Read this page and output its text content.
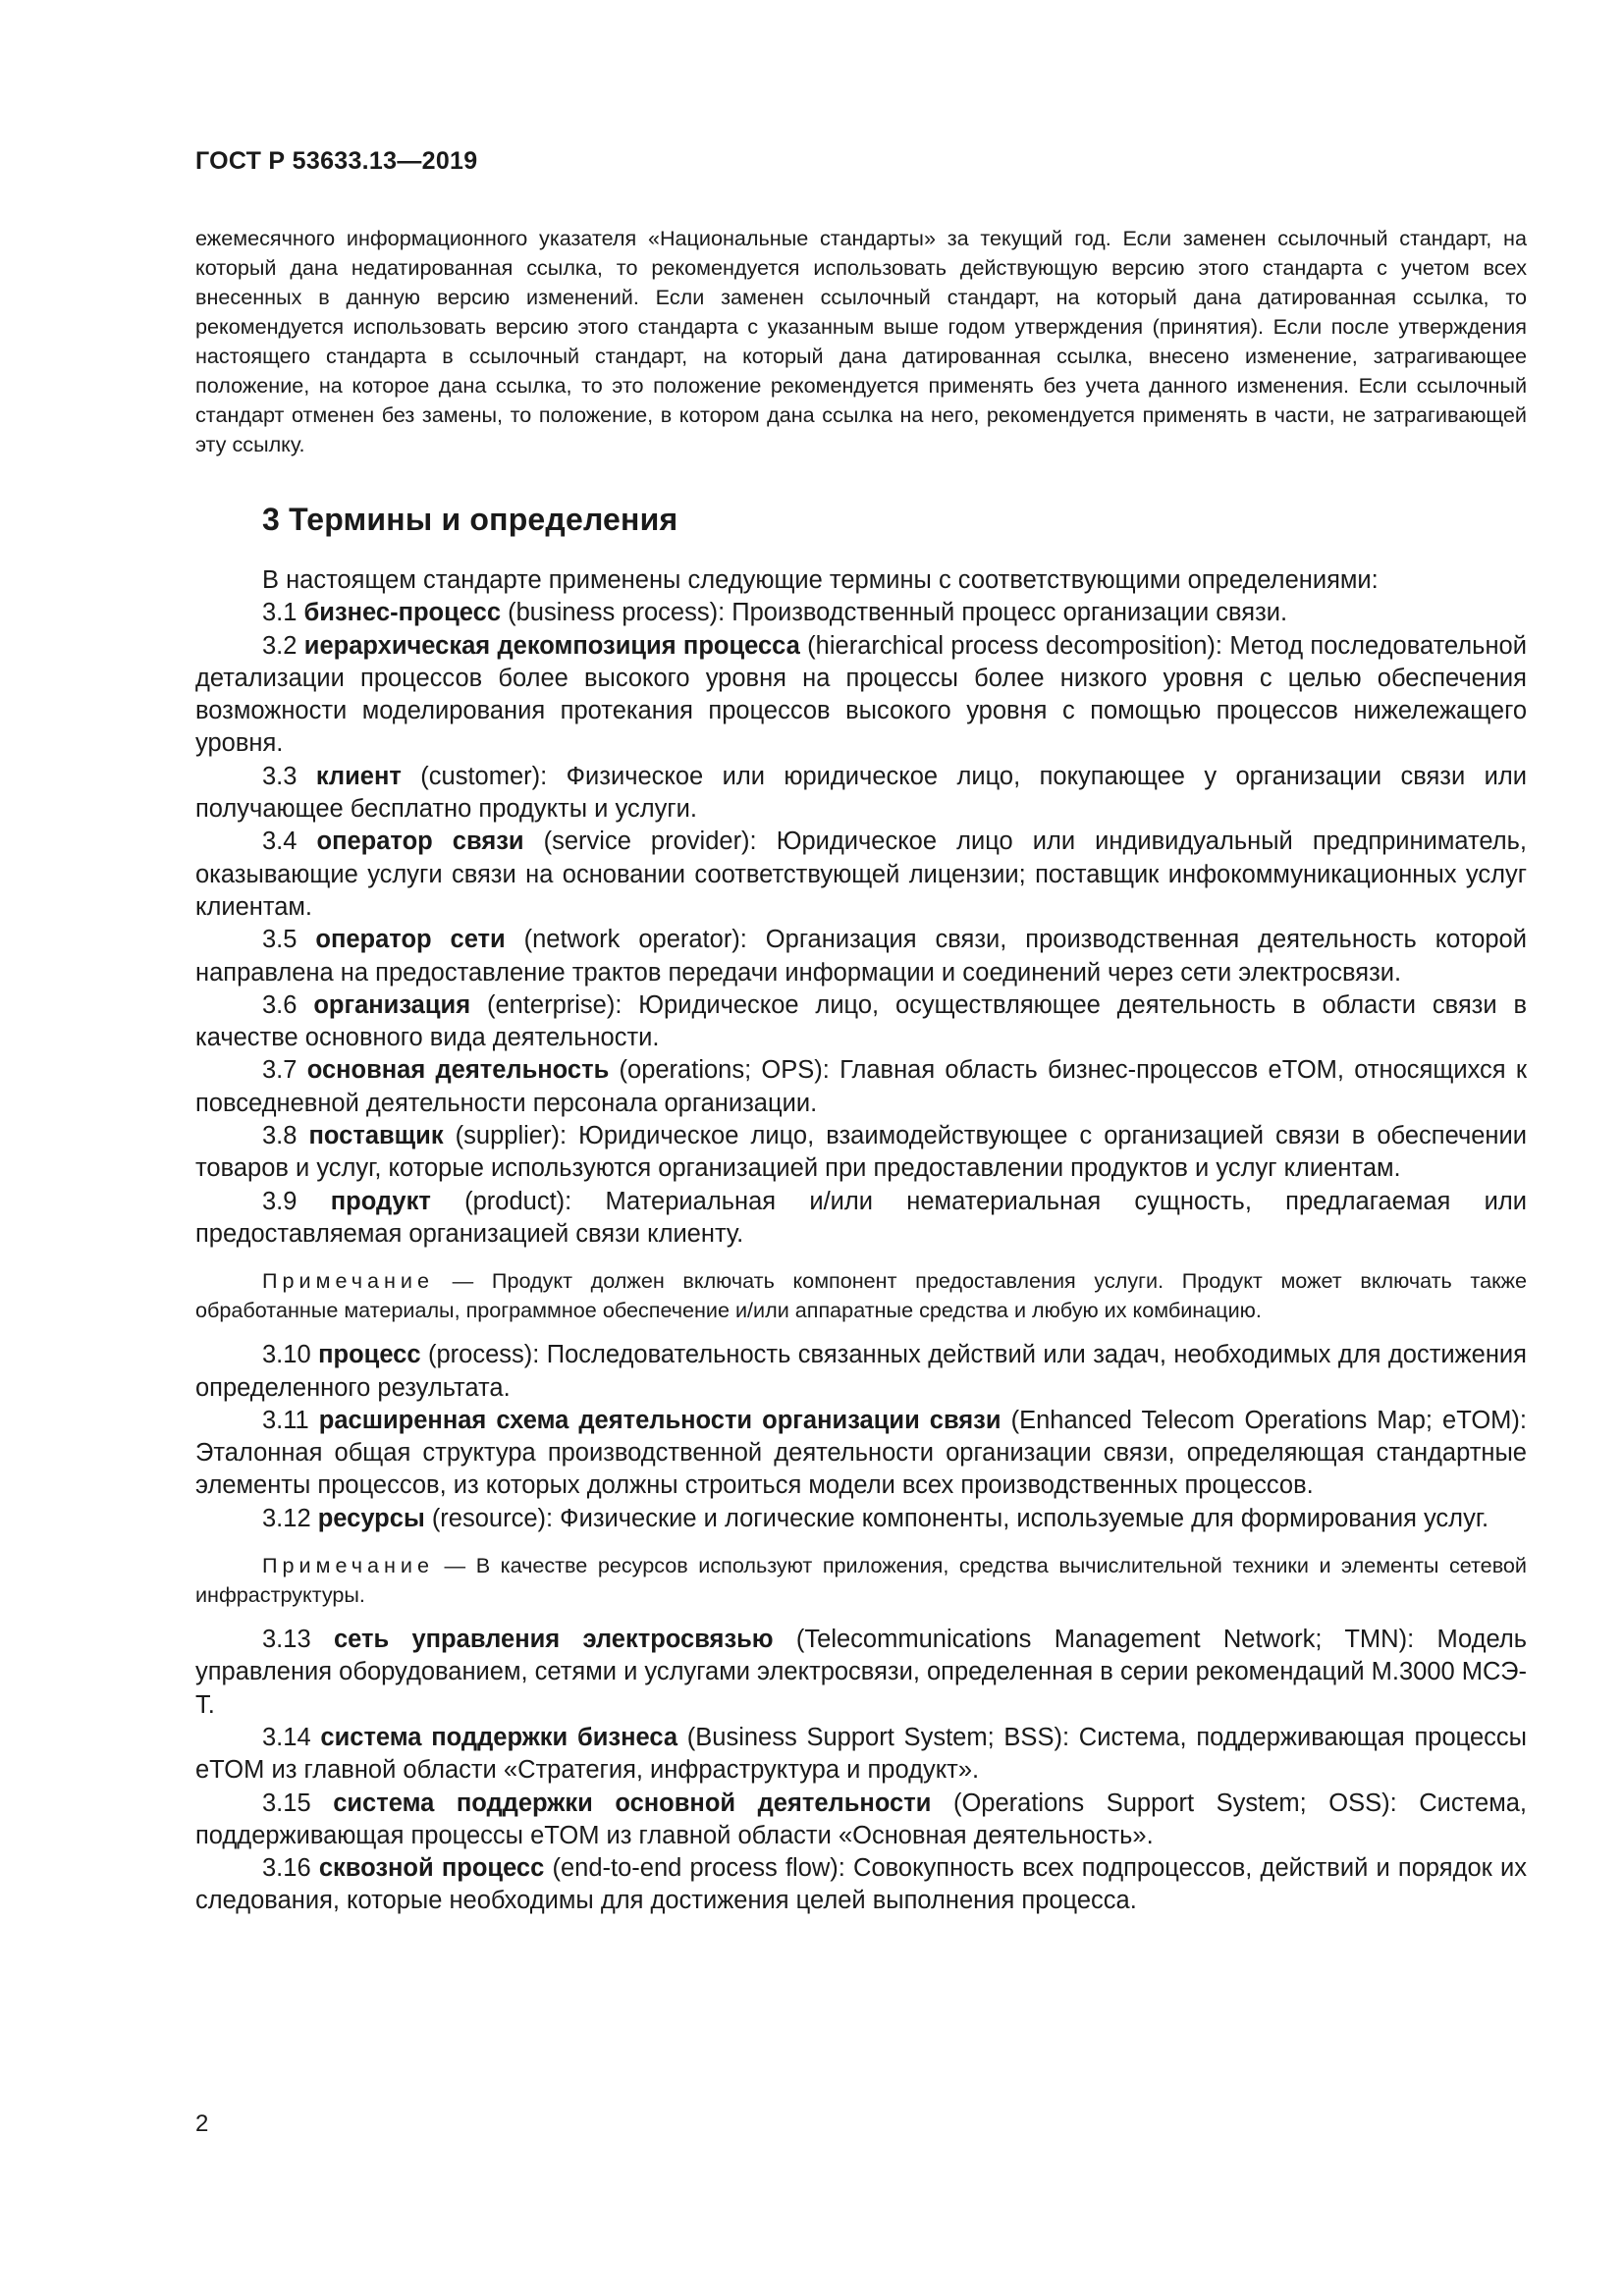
ГОСТ Р 53633.13—2019
ежемесячного информационного указателя «Национальные стандарты» за текущий год. Если заменен ссылочный стандарт, на который дана недатированная ссылка, то рекомендуется использовать действующую версию этого стандарта с учетом всех внесенных в данную версию изменений. Если заменен ссылочный стандарт, на который дана датированная ссылка, то рекомендуется использовать версию этого стандарта с указанным выше годом утверждения (принятия). Если после утверждения настоящего стандарта в ссылочный стандарт, на который дана датированная ссылка, внесено изменение, затрагивающее положение, на которое дана ссылка, то это положение рекомендуется применять без учета данного изменения. Если ссылочный стандарт отменен без замены, то положение, в котором дана ссылка на него, рекомендуется применять в части, не затрагивающей эту ссылку.
3 Термины и определения

В настоящем стандарте применены следующие термины с соответствующими определениями:

3.1 бизнес-процесс (business process): Производственный процесс организации связи.

3.2 иерархическая декомпозиция процесса (hierarchical process decomposition): Метод последовательной детализации процессов более высокого уровня на процессы более низкого уровня с целью обеспечения возможности моделирования протекания процессов высокого уровня с помощью процессов нижележащего уровня.

3.3 клиент (customer): Физическое или юридическое лицо, покупающее у организации связи или получающее бесплатно продукты и услуги.

3.4 оператор связи (service provider): Юридическое лицо или индивидуальный предприниматель, оказывающие услуги связи на основании соответствующей лицензии; поставщик инфокоммуникационных услуг клиентам.

3.5 оператор сети (network operator): Организация связи, производственная деятельность которой направлена на предоставление трактов передачи информации и соединений через сети электросвязи.

3.6 организация (enterprise): Юридическое лицо, осуществляющее деятельность в области связи в качестве основного вида деятельности.

3.7 основная деятельность (operations; OPS): Главная область бизнес-процессов eTOM, относящихся к повседневной деятельности персонала организации.

3.8 поставщик (supplier): Юридическое лицо, взаимодействующее с организацией связи в обеспечении товаров и услуг, которые используются организацией при предоставлении продуктов и услуг клиентам.

3.9 продукт (product): Материальная и/или нематериальная сущность, предлагаемая или предоставляемая организацией связи клиенту.

Примечание — Продукт должен включать компонент предоставления услуги. Продукт может включать также обработанные материалы, программное обеспечение и/или аппаратные средства и любую их комбинацию.

3.10 процесс (process): Последовательность связанных действий или задач, необходимых для достижения определенного результата.

3.11 расширенная схема деятельности организации связи (Enhanced Telecom Operations Map; eTOM): Эталонная общая структура производственной деятельности организации связи, определяющая стандартные элементы процессов, из которых должны строиться модели всех производственных процессов.

3.12 ресурсы (resource): Физические и логические компоненты, используемые для формирования услуг.

Примечание — В качестве ресурсов используют приложения, средства вычислительной техники и элементы сетевой инфраструктуры.

3.13 сеть управления электросвязью (Telecommunications Management Network; TMN): Модель управления оборудованием, сетями и услугами электросвязи, определенная в серии рекомендаций М.3000 МСЭ-Т.

3.14 система поддержки бизнеса (Business Support System; BSS): Система, поддерживающая процессы eTOM из главной области «Стратегия, инфраструктура и продукт».

3.15 система поддержки основной деятельности (Operations Support System; OSS): Система, поддерживающая процессы eTOM из главной области «Основная деятельность».

3.16 сквозной процесс (end-to-end process flow): Совокупность всех подпроцессов, действий и порядок их следования, которые необходимы для достижения целей выполнения процесса.

2
